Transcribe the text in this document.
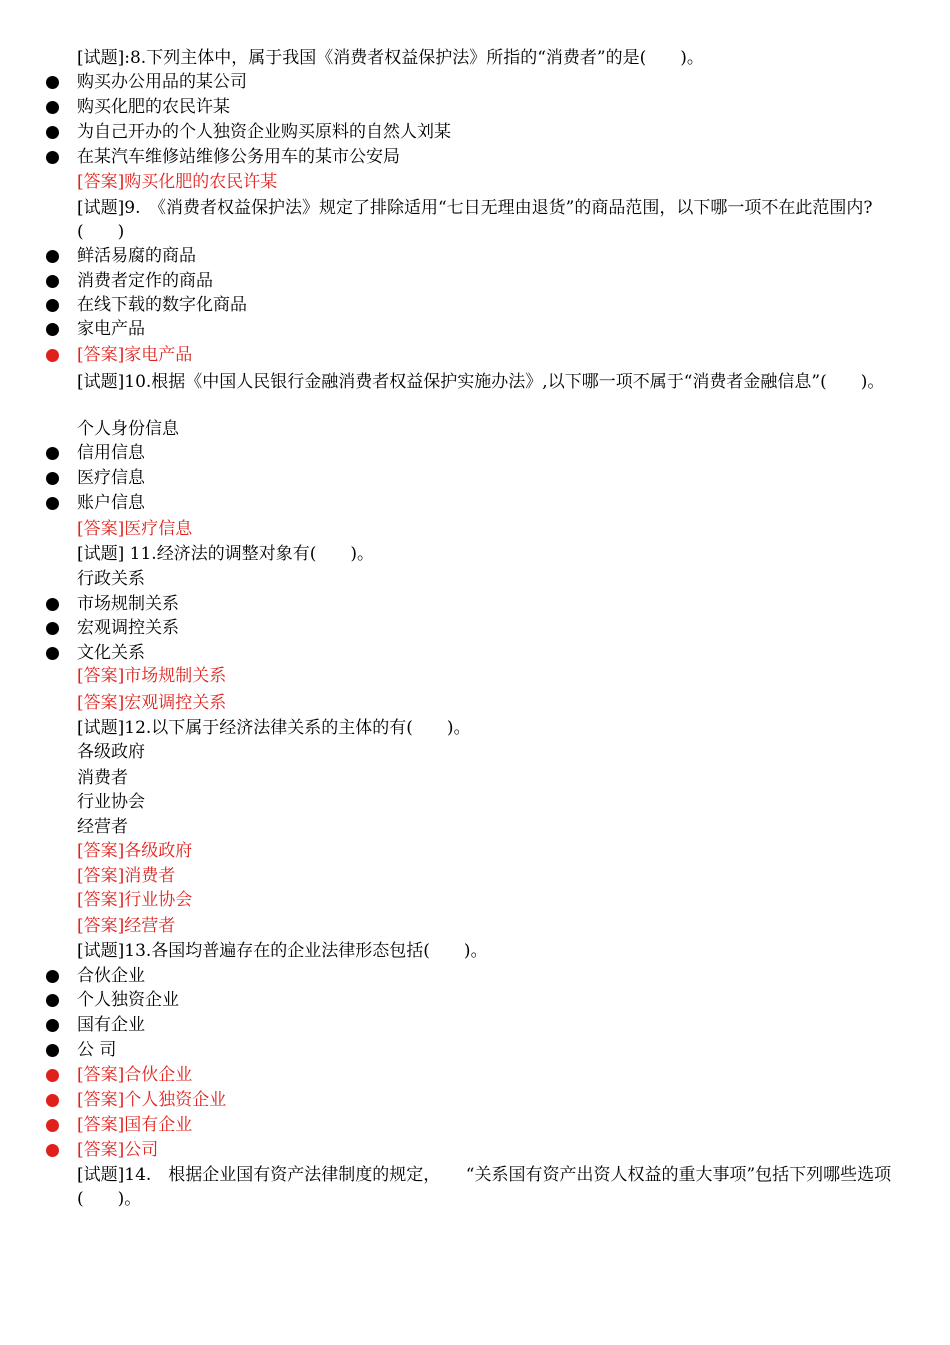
[试题]:8.下列主体中，属于我国《消费者权益保护法》所指的“消费者”的是(　　)。
购买办公用品的某公司
购买化肥的农民许某
为自己开办的个人独资企业购买原料的自然人刘某
在某汽车维修站维修公务用车的某市公安局
[答案]购买化肥的农民许某
[试题]9.　《消费者权益保护法》规定了排除适用“七日无理由退货”的商品范围，以下哪一项不在此范围内?(　　)
鲜活易腐的商品
消费者定作的商品
在线下载的数字化商品
家电产品
[答案]家电产品
[试题]10.根据《中国人民银行金融消费者权益保护实施办法》,以下哪一项不属于“消费者金融信息”(　　)。
个人身份信息
信用信息
医疗信息
账户信息
[答案]医疗信息
[试题] 11.经济法的调整对象有(　　)。
行政关系
市场规制关系
宏观调控关系
文化关系
[答案]市场规制关系
[答案]宏观调控关系
[试题]12.以下属于经济法律关系的主体的有(　　)。
各级政府
消费者
行业协会
经营者
[答案]各级政府
[答案]消费者
[答案]行业协会
[答案]经营者
[试题]13.各国均普遍存在的企业法律形态包括(　　)。
合伙企业
个人独资企业
国有企业
公 司
[答案]合伙企业
[答案]个人独资企业
[答案]国有企业
[答案]公司
[试题]14.　根据企业国有资产法律制度的规定，　　“关系国有资产出资人权益的重大事项”包括下列哪些选项(　　)。
